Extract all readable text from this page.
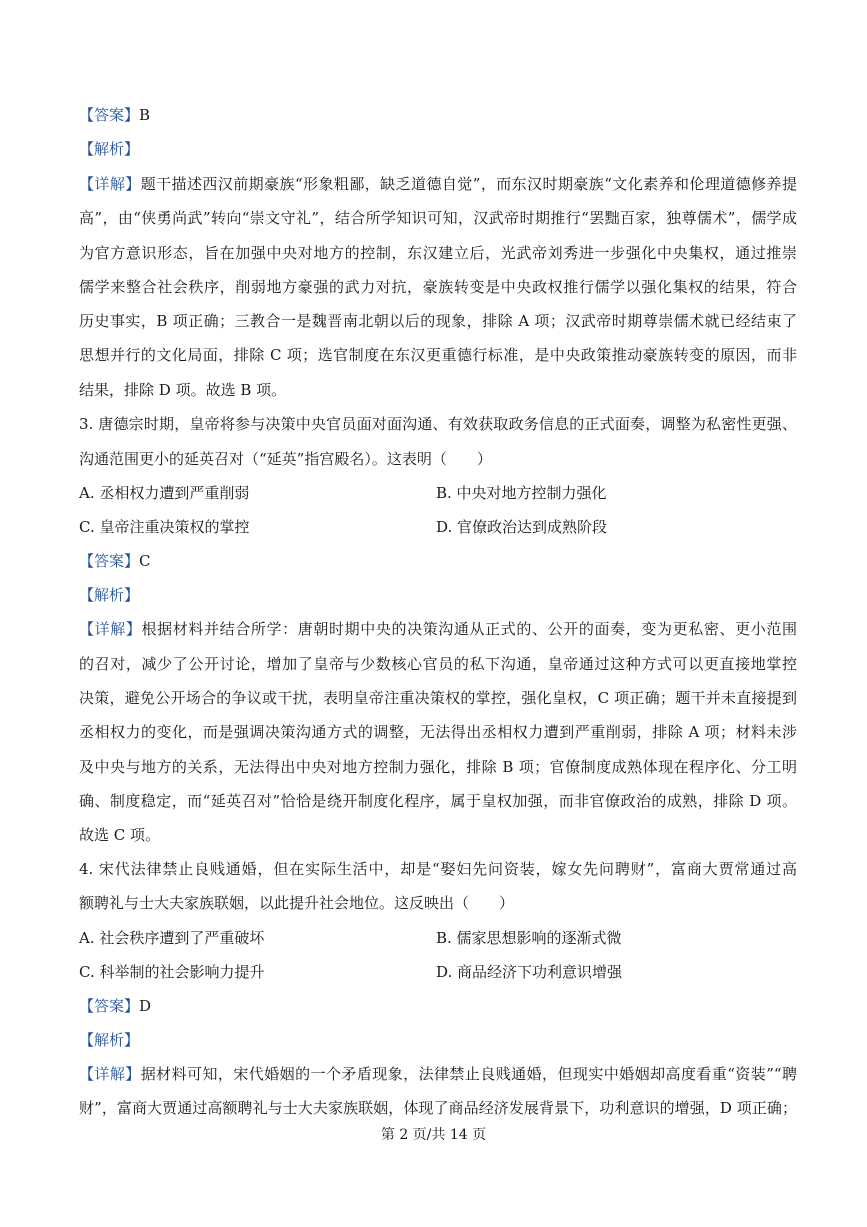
【答案】B
【解析】
【详解】题干描述西汉前期豪族“形象粗鄙，缺乏道德自觉”，而东汉时期豪族“文化素养和伦理道德修养提
高”，由“侠勇尚武”转向“崇文守礼”，结合所学知识可知，汉武帝时期推行“罢黜百家，独尊儒术”，儒学成
为官方意识形态，旨在加强中央对地方的控制，东汉建立后，光武帝刘秀进一步强化中央集权，通过推崇
儒学来整合社会秩序，削弱地方豪强的武力对抗，豪族转变是中央政权推行儒学以强化集权的结果，符合
历史事实，B 项正确；三教合一是魏晋南北朝以后的现象，排除 A 项；汉武帝时期尊崇儒术就已经结束了
思想并行的文化局面，排除 C 项；选官制度在东汉更重德行标准，是中央政策推动豪族转变的原因，而非
结果，排除 D 项。故选 B 项。
3. 唐德宗时期，皇帝将参与决策中央官员面对面沟通、有效获取政务信息的正式面奏，调整为私密性更强、
沟通范围更小的延英召对（“延英”指宫殿名）。这表明（　　）
A. 丞相权力遭到严重削弱	B. 中央对地方控制力强化
C. 皇帝注重决策权的掌控	D. 官僚政治达到成熟阶段
【答案】C
【解析】
【详解】根据材料并结合所学：唐朝时期中央的决策沟通从正式的、公开的面奏，变为更私密、更小范围
的召对，减少了公开讨论，增加了皇帝与少数核心官员的私下沟通，皇帝通过这种方式可以更直接地掌控
决策，避免公开场合的争议或干扰，表明皇帝注重决策权的掌控，强化皇权，C 项正确；题干并未直接提到
丞相权力的变化，而是强调决策沟通方式的调整，无法得出丞相权力遭到严重削弱，排除 A 项；材料未涉
及中央与地方的关系，无法得出中央对地方控制力强化，排除 B 项；官僚制度成熟体现在程序化、分工明
确、制度稳定，而“延英召对”恰恰是绕开制度化程序，属于皇权加强，而非官僚政治的成熟，排除 D 项。
故选 C 项。
4. 宋代法律禁止良贱通婚，但在实际生活中，却是“娶妇先问资装，嫁女先问聘财”，富商大贾常通过高
额聘礼与士大夫家族联姻，以此提升社会地位。这反映出（　　）
A. 社会秩序遭到了严重破坏	B. 儒家思想影响的逐渐式微
C. 科举制的社会影响力提升	D. 商品经济下功利意识增强
【答案】D
【解析】
【详解】据材料可知，宋代婚姻的一个矛盾现象，法律禁止良贱通婚，但现实中婚姻却高度看重“资装”“聘
财”，富商大贾通过高额聘礼与士大夫家族联姻，体现了商品经济发展背景下，功利意识的增强，D 项正确；
第 2 页/共 14 页
